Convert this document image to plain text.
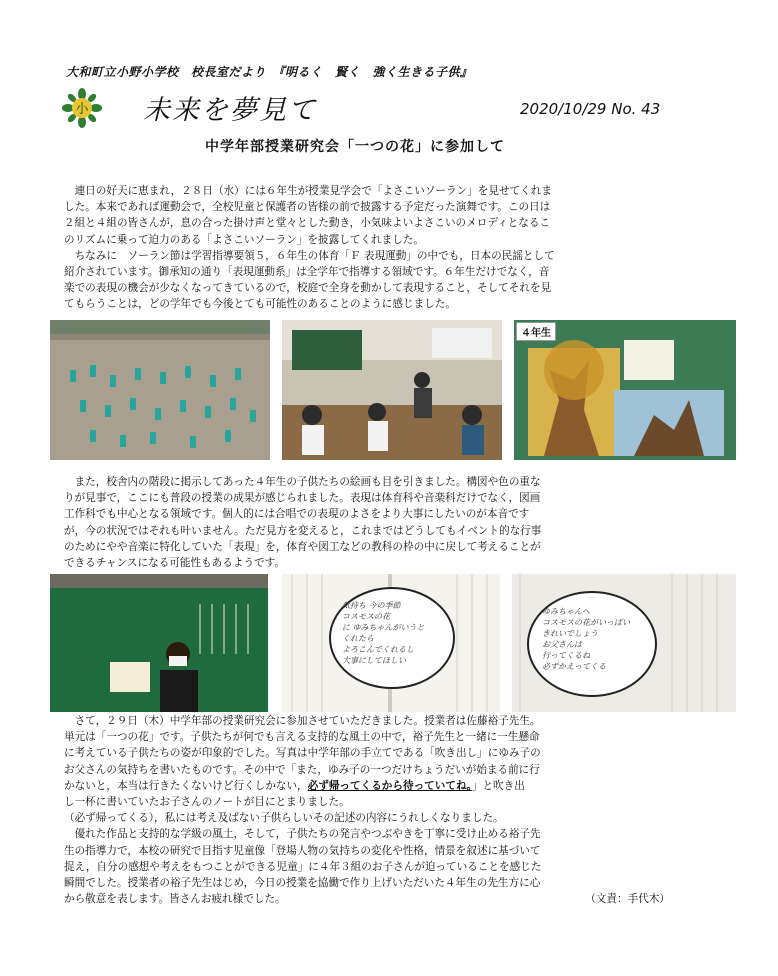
大和町立小野小学校　校長室だより　『明るく　賢く　強く生きる子供』
小 未来を夢見て	2020/10/29 No. 43
中学年部授業研究会「一つの花」に参加して
　連日の好天に恵まれ，２８日（水）には６年生が授業見学会で「よさこいソーラン」を見せてくれま
した。本来であれば運動会で，全校児童と保護者の皆様の前で披露する予定だった演舞です。この日は
２組と４組の皆さんが，息の合った掛け声と堂々とした動き，小気味よいよさこいのメロディとなるこ
のリズムに乗って迫力のある「よさこいソーラン」を披露してくれました。
　ちなみに　ソーラン節は学習指導要領５，６年生の体育「Ｆ 表現運動」の中でも，日本の民謡として
紹介されています。御承知の通り「表現運動系」は全学年で指導する領域です。６年生だけでなく，音
楽での表現の機会が少なくなってきているので，校庭で全身を動かして表現すること，そしてそれを見
てもらうことは，どの学年でも今後とても可能性のあることのように感じました。
４年生
　また，校舎内の階段に掲示してあった４年生の子供たちの絵画も目を引きました。構図や色の重な
りが見事で，ここにも普段の授業の成果が感じられました。表現は体育科や音楽科だけでなく，図画
工作科でも中心となる領域です。個人的には合唱での表現のよさをより大事にしたいのが本音です
が，今の状況ではそれも叶いません。ただ見方を変えると，これまではどうしてもイベント的な行事
のためにやや音楽に特化していた「表現」を，体育や図工などの教科の枠の中に戻して考えることが
できるチャンスになる可能性もあるようです。
気持ち 今の季節
コスモスの花
に ゆみちゃんがいうと
くれたら
よろこんでくれるし
大事にしてほしい
ゆみちゃんへ
コスモスの花がいっぱい
きれいでしょう
お父さんは
行ってくるね
必ずかえってくる
　さて，２９日（木）中学年部の授業研究会に参加させていただきました。授業者は佐藤裕子先生。
単元は「一つの花」です。子供たちが何でも言える支持的な風土の中で，裕子先生と一緒に一生懸命
に考えている子供たちの姿が印象的でした。写真は中学年部の手立てである「吹き出し」にゆみ子の
お父さんの気持ちを書いたものです。その中で「また，ゆみ子の一つだけちょうだいが始まる前に行
かないと，本当は行きたくないけど行くしかない，必ず帰ってくるから待っていてね。」と吹き出
し一杯に書いていたお子さんのノートが目にとまりました。
（必ず帰ってくる），私には考え及ばない子供らしいその記述の内容にうれしくなりました。
　優れた作品と支持的な学級の風土，そして，子供たちの発言やつぶやきを丁寧に受け止める裕子先
生の指導力で，本校の研究で目指す児童像「登場人物の気持ちの変化や性格，情景を叙述に基づいて
捉え，自分の感想や考えをもつことができる児童」に４年３組のお子さんが迫っていることを感じた
瞬間でした。授業者の裕子先生はじめ，今日の授業を協働で作り上げいただいた４年生の先生方に心
から敬意を表します。皆さんお疲れ様でした。	（文責：手代木）
